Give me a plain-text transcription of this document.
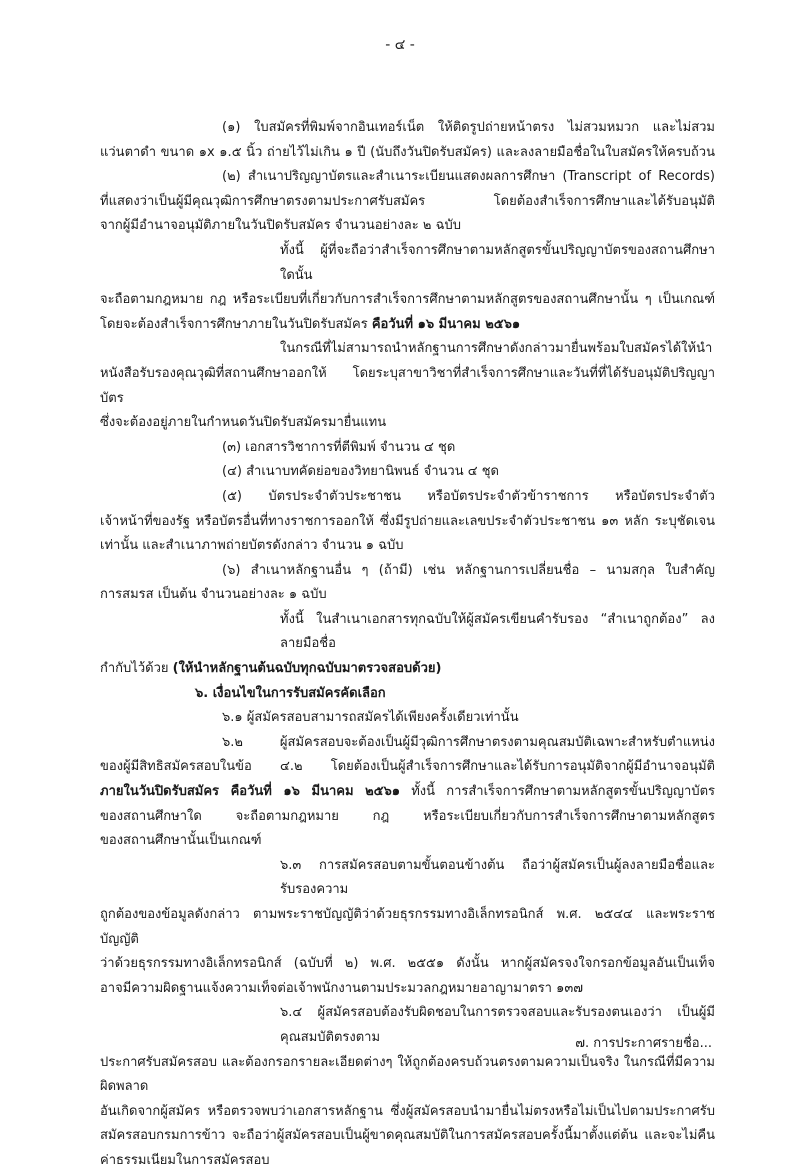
- ๔ -
(๑) ใบสมัครที่พิมพ์จากอินเทอร์เน็ต ให้ติดรูปถ่ายหน้าตรง ไม่สวมหมวก และไม่สวม
แว่นตาดำ ขนาด ๑x ๑.๕ นิ้ว ถ่ายไว้ไม่เกิน ๑ ปี (นับถึงวันปิดรับสมัคร) และลงลายมือชื่อในใบสมัครให้ครบถ้วน
(๒) สำเนาปริญญาบัตรและสำเนาระเบียนแสดงผลการศึกษา (Transcript of Records)
ที่แสดงว่าเป็นผู้มีคุณวุฒิการศึกษาตรงตามประกาศรับสมัคร โดยต้องสำเร็จการศึกษาและได้รับอนุมัติ
จากผู้มีอำนาจอนุมัติภายในวันปิดรับสมัคร จำนวนอย่างละ ๒ ฉบับ
ทั้งนี้ ผู้ที่จะถือว่าสำเร็จการศึกษาตามหลักสูตรขั้นปริญญาบัตรของสถานศึกษาใดนั้น
จะถือตามกฎหมาย กฎ หรือระเบียบที่เกี่ยวกับการสำเร็จการศึกษาตามหลักสูตรของสถานศึกษานั้น ๆ เป็นเกณฑ์
โดยจะต้องสำเร็จการศึกษาภายในวันปิดรับสมัคร คือวันที่ ๑๖ มีนาคม ๒๕๖๑
ในกรณีที่ไม่สามารถนำหลักฐานการศึกษาดังกล่าวมายื่นพร้อมใบสมัครได้ให้นำ
หนังสือรับรองคุณวุฒิที่สถานศึกษาออกให้ โดยระบุสาขาวิชาที่สำเร็จการศึกษาและวันที่ที่ได้รับอนุมัติปริญญาบัตร
ซึ่งจะต้องอยู่ภายในกำหนดวันปิดรับสมัครมายื่นแทน
(๓) เอกสารวิชาการที่ตีพิมพ์ จำนวน ๔ ชุด
(๔) สำเนาบทคัดย่อของวิทยานิพนธ์ จำนวน ๔ ชุด
(๕) บัตรประจำตัวประชาชน หรือบัตรประจำตัวข้าราชการ หรือบัตรประจำตัว
เจ้าหน้าที่ของรัฐ หรือบัตรอื่นที่ทางราชการออกให้ ซึ่งมีรูปถ่ายและเลขประจำตัวประชาชน ๑๓ หลัก ระบุชัดเจน
เท่านั้น และสำเนาภาพถ่ายบัตรดังกล่าว จำนวน ๑ ฉบับ
(๖) สำเนาหลักฐานอื่น ๆ (ถ้ามี) เช่น หลักฐานการเปลี่ยนชื่อ – นามสกุล ใบสำคัญ
การสมรส เป็นต้น จำนวนอย่างละ ๑ ฉบับ
ทั้งนี้ ในสำเนาเอกสารทุกฉบับให้ผู้สมัครเขียนคำรับรอง “สำเนาถูกต้อง” ลงลายมือชื่อ
กำกับไว้ด้วย (ให้นำหลักฐานต้นฉบับทุกฉบับมาตรวจสอบด้วย)
๖. เงื่อนไขในการรับสมัครคัดเลือก
๖.๑ ผู้สมัครสอบสามารถสมัครได้เพียงครั้งเดียวเท่านั้น
๖.๒ ผู้สมัครสอบจะต้องเป็นผู้มีวุฒิการศึกษาตรงตามคุณสมบัติเฉพาะสำหรับตำแหน่ง
ของผู้มีสิทธิสมัครสอบในข้อ ๔.๒ โดยต้องเป็นผู้สำเร็จการศึกษาและได้รับการอนุมัติจากผู้มีอำนาจอนุมัติ
ภายในวันปิดรับสมัคร คือวันที่ ๑๖ มีนาคม ๒๕๖๑ ทั้งนี้ การสำเร็จการศึกษาตามหลักสูตรขั้นปริญญาบัตร
ของสถานศึกษาใด จะถือตามกฎหมาย กฎ หรือระเบียบเกี่ยวกับการสำเร็จการศึกษาตามหลักสูตร
ของสถานศึกษานั้นเป็นเกณฑ์
๖.๓ การสมัครสอบตามขั้นตอนข้างต้น ถือว่าผู้สมัครเป็นผู้ลงลายมือชื่อและรับรองความ
ถูกต้องของข้อมูลดังกล่าว ตามพระราชบัญญัติว่าด้วยธุรกรรมทางอิเล็กทรอนิกส์ พ.ศ. ๒๕๔๔ และพระราชบัญญัติ
ว่าด้วยธุรกรรมทางอิเล็กทรอนิกส์ (ฉบับที่ ๒) พ.ศ. ๒๕๕๑ ดังนั้น หากผู้สมัครจงใจกรอกข้อมูลอันเป็นเท็จ
อาจมีความผิดฐานแจ้งความเท็จต่อเจ้าพนักงานตามประมวลกฎหมายอาญามาตรา ๑๓๗
๖.๔ ผู้สมัครสอบต้องรับผิดชอบในการตรวจสอบและรับรองตนเองว่า เป็นผู้มีคุณสมบัติตรงตาม
ประกาศรับสมัครสอบ และต้องกรอกรายละเอียดต่างๆ ให้ถูกต้องครบถ้วนตรงตามความเป็นจริง ในกรณีที่มีความผิดพลาด
อันเกิดจากผู้สมัคร หรือตรวจพบว่าเอกสารหลักฐาน ซึ่งผู้สมัครสอบนำมายื่นไม่ตรงหรือไม่เป็นไปตามประกาศรับ
สมัครสอบกรมการข้าว จะถือว่าผู้สมัครสอบเป็นผู้ขาดคุณสมบัติในการสมัครสอบครั้งนี้มาตั้งแต่ต้น และจะไม่คืน
ค่าธรรมเนียมในการสมัครสอบ
๗. การประกาศรายชื่อ...
